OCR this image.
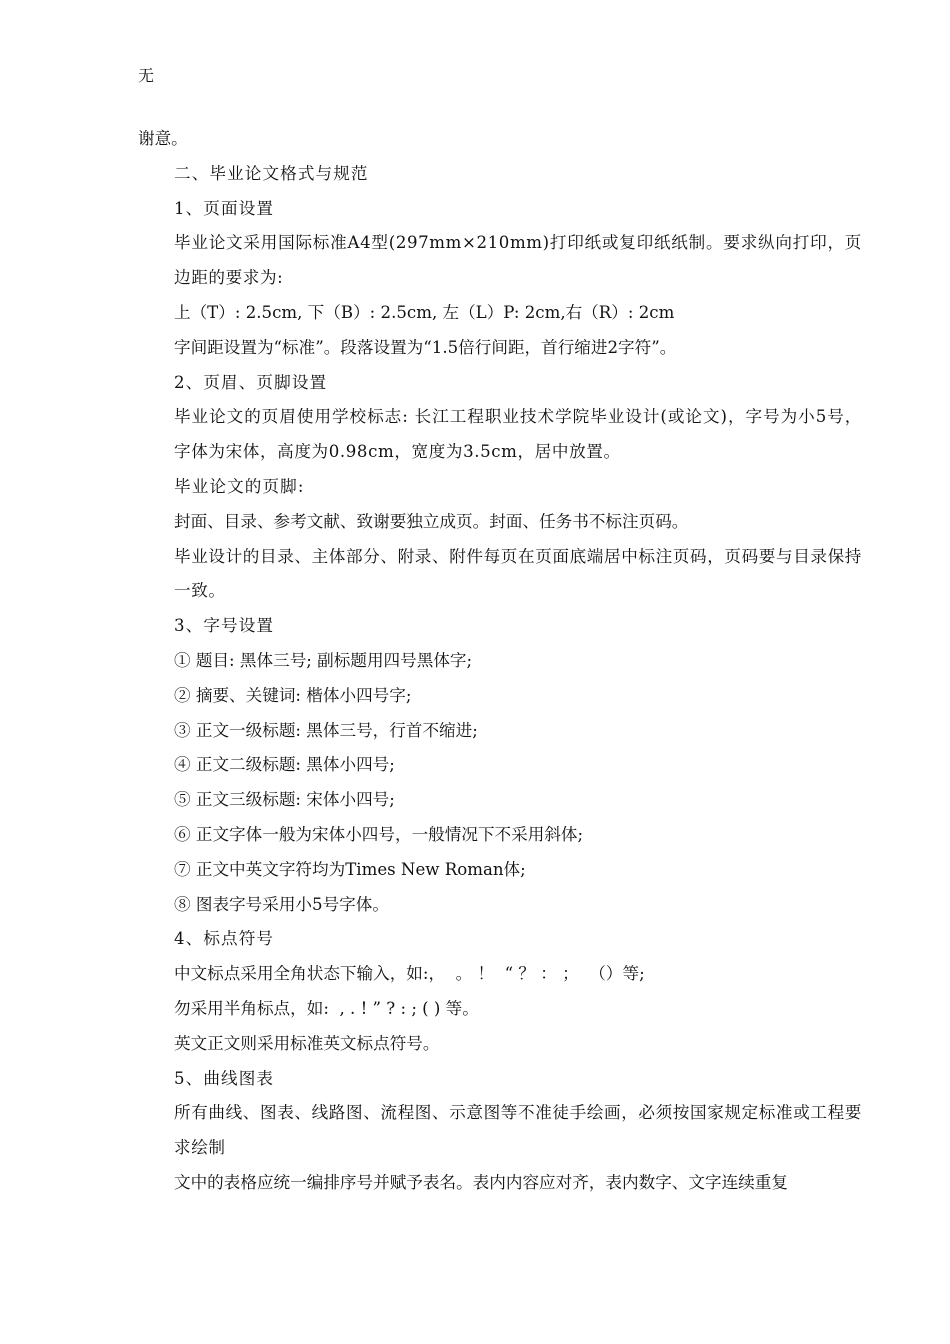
无

谢意。

二、毕业论文格式与规范

1、页面设置

毕业论文采用国际标准A4型(297mm×210mm)打印纸或复印纸纸制。要求纵向打印，页边距的要求为:

上（T）: 2.5cm, 下（B）: 2.5cm, 左（L）P: 2cm,右（R）: 2cm

字间距设置为“标准”。段落设置为“1.5倍行间距，首行缩进2字符”。

2、页眉、页脚设置

毕业论文的页眉使用学校标志: 长江工程职业技术学院毕业设计(或论文)，字号为小5号，字体为宋体，高度为0.98cm，宽度为3.5cm，居中放置。

毕业论文的页脚:

封面、目录、参考文献、致谢要独立成页。封面、任务书不标注页码。

毕业设计的目录、主体部分、附录、附件每页在页面底端居中标注页码，页码要与目录保持一致。

3、字号设置

① 题目: 黑体三号; 副标题用四号黑体字;

② 摘要、关键词: 楷体小四号字;

③ 正文一级标题: 黑体三号，行首不缩进;

④ 正文二级标题: 黑体小四号;

⑤ 正文三级标题: 宋体小四号;

⑥ 正文字体一般为宋体小四号，一般情况下不采用斜体;

⑦ 正文中英文字符均为Times New Roman体;

⑧ 图表字号采用小5号字体。

4、标点符号

中文标点采用全角状态下输入，如:，  。 ！  “ ？ ： ；  （）等;

勿采用半角标点，如:  , . ! ” ? : ; ( ) 等。

英文正文则采用标准英文标点符号。

5、曲线图表

所有曲线、图表、线路图、流程图、示意图等不准徒手绘画，必须按国家规定标准或工程要求绘制

文中的表格应统一编排序号并赋予表名。表内内容应对齐，表内数字、文字连续重复
